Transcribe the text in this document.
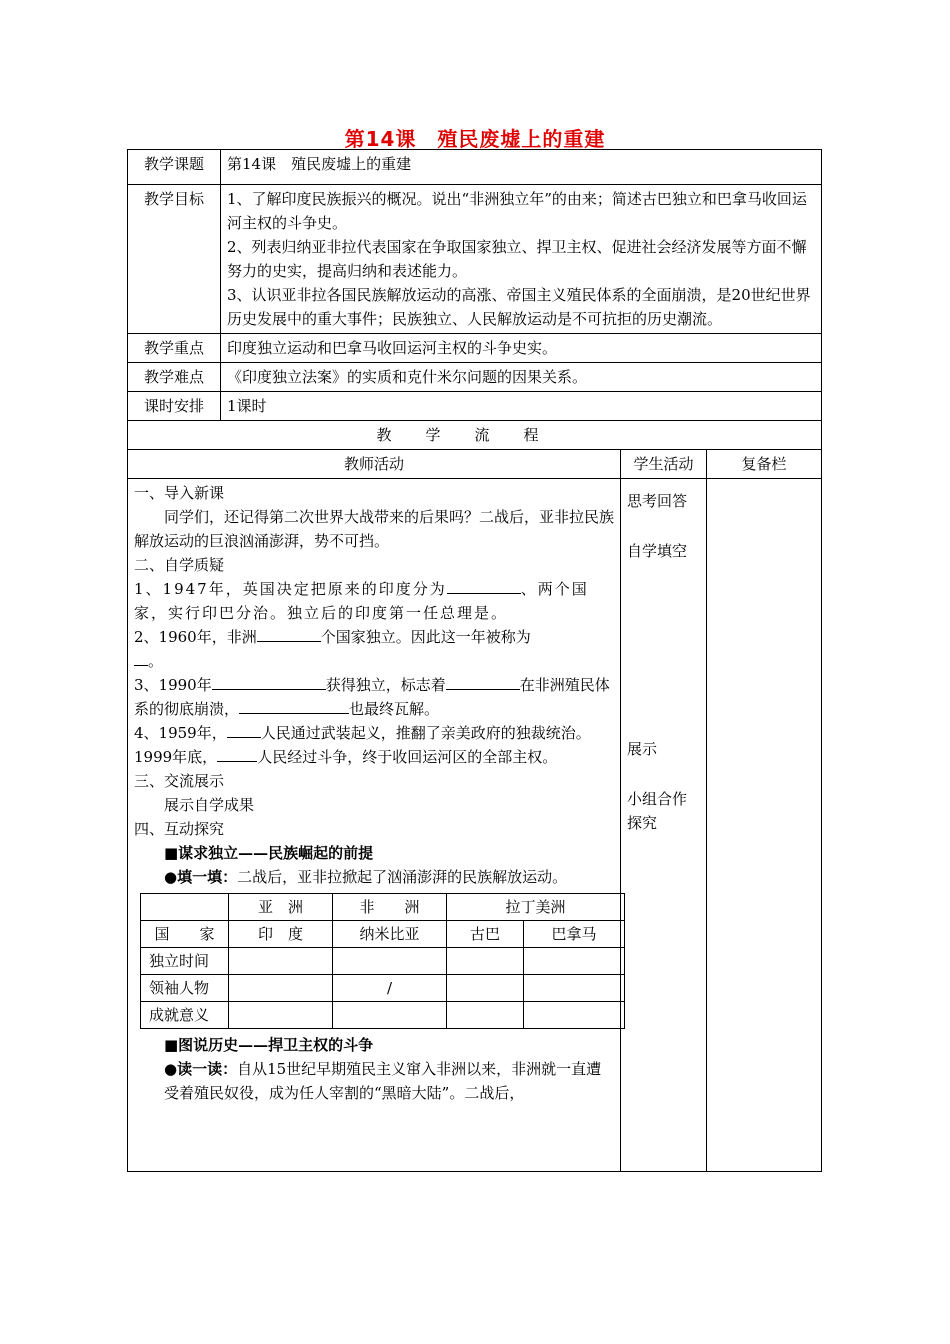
第14课　殖民废墟上的重建
教学课题	第14课　殖民废墟上的重建
教学目标	1、了解印度民族振兴的概况。说出“非洲独立年”的由来；简述古巴独立和巴拿马收回运河主权的斗争史。

2、列表归纳亚非拉代表国家在争取国家独立、捍卫主权、促进社会经济发展等方面不懈努力的史实，提高归纳和表述能力。

3、认识亚非拉各国民族解放运动的高涨、帝国主义殖民体系的全面崩溃，是20世纪世界历史发展中的重大事件；民族独立、人民解放运动是不可抗拒的历史潮流。

教学重点	印度独立运动和巴拿马收回运河主权的斗争史实。
教学难点	《印度独立法案》的实质和克什米尔问题的因果关系。
课时安排	1课时
教学流程
教师活动	学生活动	复备栏

一、导入新课

同学们，还记得第二次世界大战带来的后果吗？二战后，亚非拉民族解放运动的巨浪汹涌澎湃，势不可挡。

二、自学质疑

1、1947年，英国决定把原来的印度分为	、两个国家，实行印巴分治。独立后的印度第一任总理是。

2、1960年，非洲	个国家独立。因此这一年被称为
。

3、1990年	获得独立，标志着	在非洲殖民体系的彻底崩溃，	也最终瓦解。

4、1959年， 人民通过武装起义，推翻了亲美政府的独裁统治。1999年底，	人民经过斗争，终于收回运河区的全部主权。

三、交流展示

展示自学成果

四、互动探究

■谋求独立——民族崛起的前提

●填一填：二战后，亚非拉掀起了汹涌澎湃的民族解放运动。

	亚　洲	非　　洲	拉丁美洲
国　　家	印　度	纳米比亚	古巴	巴拿马
独立时间				
领袖人物		/		
成就意义				

■图说历史——捍卫主权的斗争

●读一读：自从15世纪早期殖民主义窜入非洲以来，非洲就一直遭受着殖民奴役，成为任人宰割的“黑暗大陆”。二战后，

思考回答

自学填空

展示

小组合作

探究
